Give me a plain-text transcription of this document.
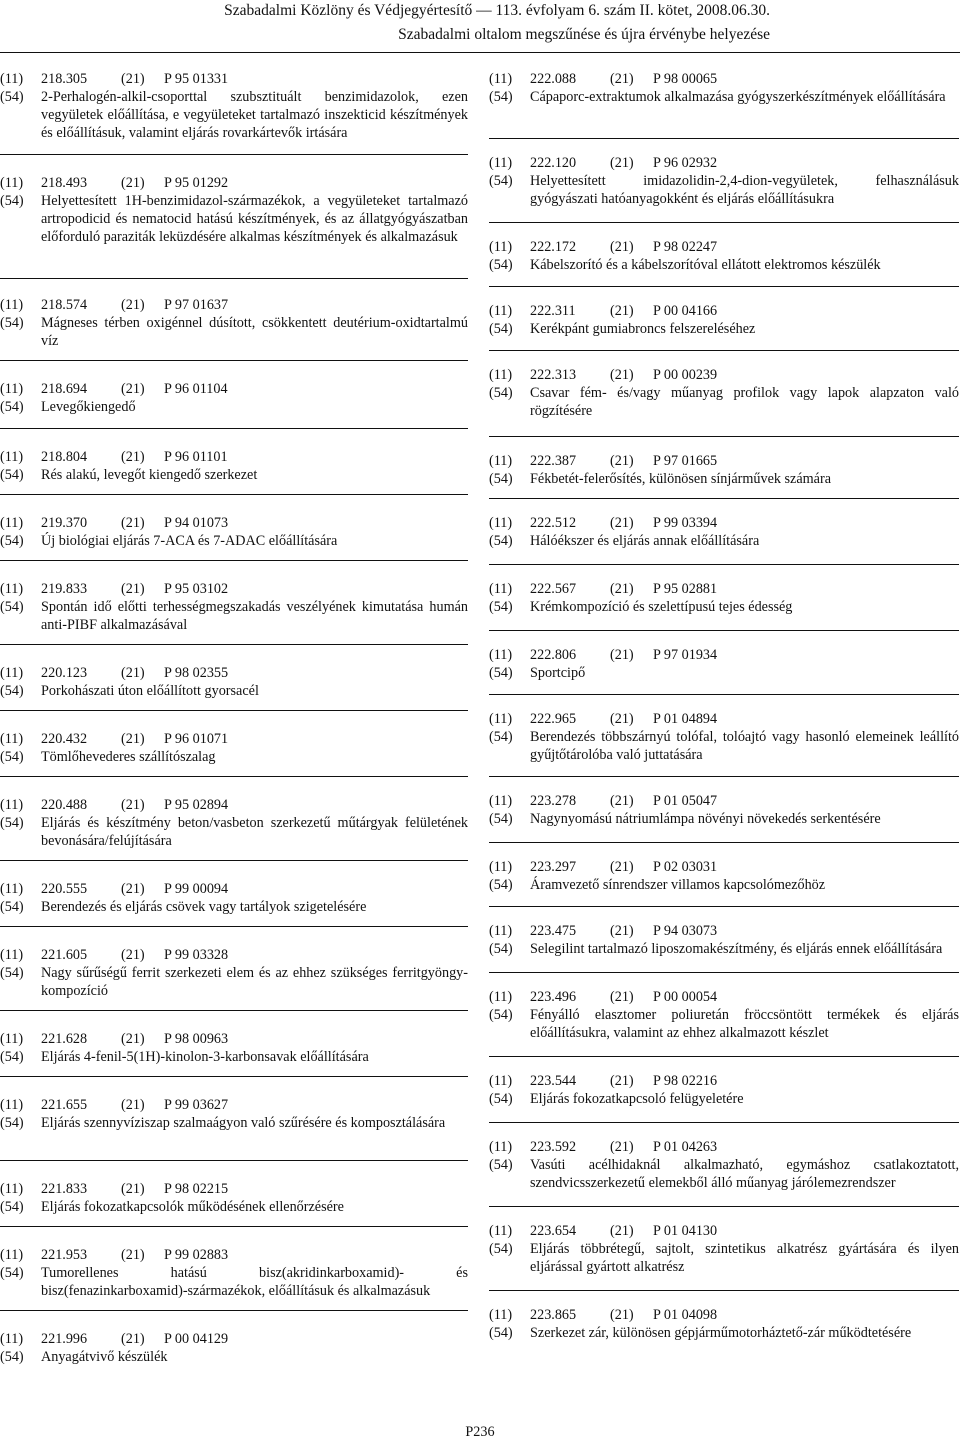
Szabadalmi Közlöny és Védjegyértesítő — 113. évfolyam 6. szám II. kötet, 2008.06.30.
Szabadalmi oltalom megszűnése és újra érvénybe helyezése
(11)	218.305	(21)	P 95 01331
(54)	2-Perhalogén-alkil-csoporttal szubsztituált benzimidazolok, ezen vegyületek előállítása, e vegyületeket tartalmazó inszekticid készítmények és előállításuk, valamint eljárás rovarkártevők irtására
(11)	218.493	(21)	P 95 01292
(54)	Helyettesített 1H-benzimidazol-származékok, a vegyületeket tartalmazó artropodicid és nematocid hatású készítmények, és az állatgyógyászatban előforduló paraziták leküzdésére alkalmas készítmények és alkalmazásuk
(11)	218.574	(21)	P 97 01637
(54)	Mágneses térben oxigénnel dúsított, csökkentett deutérium-oxidtartalmú víz
(11)	218.694	(21)	P 96 01104
(54)	Levegőkiengedő
(11)	218.804	(21)	P 96 01101
(54)	Rés alakú, levegőt kiengedő szerkezet
(11)	219.370	(21)	P 94 01073
(54)	Új biológiai eljárás 7-ACA és 7-ADAC előállítására
(11)	219.833	(21)	P 95 03102
(54)	Spontán idő előtti terhességmegszakadás veszélyének kimutatása humán anti-PIBF alkalmazásával
(11)	220.123	(21)	P 98 02355
(54)	Porkohászati úton előállított gyorsacél
(11)	220.432	(21)	P 96 01071
(54)	Tömlőhevederes szállítószalag
(11)	220.488	(21)	P 95 02894
(54)	Eljárás és készítmény beton/vasbeton szerkezetű műtárgyak felületének bevonására/felújítására
(11)	220.555	(21)	P 99 00094
(54)	Berendezés és eljárás csövek vagy tartályok szigetelésére
(11)	221.605	(21)	P 99 03328
(54)	Nagy sűrűségű ferrit szerkezeti elem és az ehhez szükséges ferritgyöngy-kompozíció
(11)	221.628	(21)	P 98 00963
(54)	Eljárás 4-fenil-5(1H)-kinolon-3-karbonsavak előállítására
(11)	221.655	(21)	P 99 03627
(54)	Eljárás szennyvíziszap szalmaágyon való szűrésére és komposztálására
(11)	221.833	(21)	P 98 02215
(54)	Eljárás fokozatkapcsolók működésének ellenőrzésére
(11)	221.953	(21)	P 99 02883
(54)	Tumorellenes hatású bisz(akridinkarboxamid)- és bisz(fenazinkarboxamid)-származékok, előállításuk és alkalmazásuk
(11)	221.996	(21)	P 00 04129
(54)	Anyagátvivő készülék
(11)	222.088	(21)	P 98 00065
(54)	Cápaporc-extraktumok alkalmazása gyógyszerkészítmények előállítására
(11)	222.120	(21)	P 96 02932
(54)	Helyettesített imidazolidin-2,4-dion-vegyületek, felhasználásuk gyógyászati hatóanyagokként és eljárás előállításukra
(11)	222.172	(21)	P 98 02247
(54)	Kábelszorító és a kábelszorítóval ellátott elektromos készülék
(11)	222.311	(21)	P 00 04166
(54)	Kerékpánt gumiabroncs felszereléséhez
(11)	222.313	(21)	P 00 00239
(54)	Csavar fém- és/vagy műanyag profilok vagy lapok alapzaton való rögzítésére
(11)	222.387	(21)	P 97 01665
(54)	Fékbetét-felerősítés, különösen sínjárművek számára
(11)	222.512	(21)	P 99 03394
(54)	Hálóékszer és eljárás annak előállítására
(11)	222.567	(21)	P 95 02881
(54)	Krémkompozíció és szelettípusú tejes édesség
(11)	222.806	(21)	P 97 01934
(54)	Sportcipő
(11)	222.965	(21)	P 01 04894
(54)	Berendezés többszárnyú tolófal, tolóajtó vagy hasonló elemeinek leállító gyűjtőtárolóba való juttatására
(11)	223.278	(21)	P 01 05047
(54)	Nagynyomású nátriumlámpa növényi növekedés serkentésére
(11)	223.297	(21)	P 02 03031
(54)	Áramvezető sínrendszer villamos kapcsolómezőhöz
(11)	223.475	(21)	P 94 03073
(54)	Selegilint tartalmazó liposzomakészítmény, és eljárás ennek előállítására
(11)	223.496	(21)	P 00 00054
(54)	Fényálló elasztomer poliuretán fröccsöntött termékek és eljárás előállításukra, valamint az ehhez alkalmazott készlet
(11)	223.544	(21)	P 98 02216
(54)	Eljárás fokozatkapcsoló felügyeletére
(11)	223.592	(21)	P 01 04263
(54)	Vasúti acélhidaknál alkalmazható, egymáshoz csatlakoztatott, szendvicsszerkezetű elemekből álló műanyag járólemezrendszer
(11)	223.654	(21)	P 01 04130
(54)	Eljárás többrétegű, sajtolt, szintetikus alkatrész gyártására és ilyen eljárással gyártott alkatrész
(11)	223.865	(21)	P 01 04098
(54)	Szerkezet zár, különösen gépjárműmotorháztető-zár működtetésére
P236
